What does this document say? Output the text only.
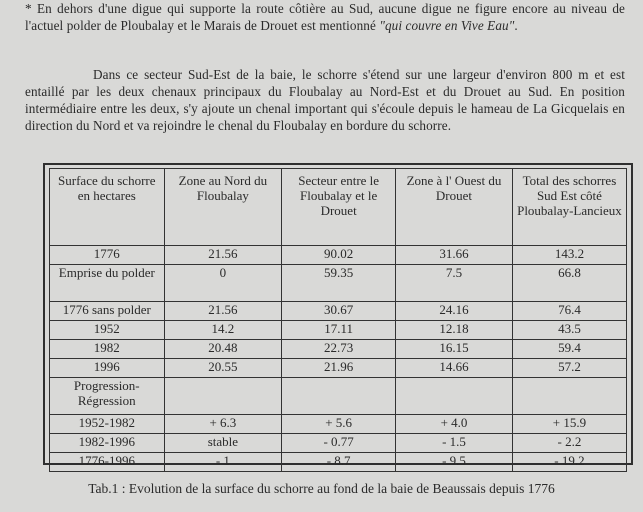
* En dehors d'une digue qui supporte la route côtière au Sud, aucune digue ne figure encore au niveau de l'actuel polder de Ploubalay et le Marais de Drouet est mentionné "qui couvre en Vive Eau".
Dans ce secteur Sud-Est de la baie, le schorre s'étend sur une largeur d'environ 800 m et est entaillé par les deux chenaux principaux du Floubalay au Nord-Est et du Drouet au Sud. En position intermédiaire entre les deux, s'y ajoute un chenal important qui s'écoule depuis le hameau de La Gicquelais en direction du Nord et va rejoindre le chenal du Floubalay en bordure du schorre.
Surface du schorre en hectares	Zone au Nord du Floubalay	Secteur entre le Floubalay et le Drouet	Zone à l' Ouest du Drouet	Total des schorres Sud Est côté Ploubalay-Lancieux
1776	21.56	90.02	31.66	143.2
Emprise du polder	0	59.35	7.5	66.8
1776 sans polder	21.56	30.67	24.16	76.4
1952	14.2	17.11	12.18	43.5
1982	20.48	22.73	16.15	59.4
1996	20.55	21.96	14.66	57.2
Progression-Régression				
1952-1982	+ 6.3	+ 5.6	+ 4.0	+ 15.9
1982-1996	stable	- 0.77	- 1.5	- 2.2
1776-1996	- 1	- 8.7	- 9.5	- 19.2
Tab.1 : Evolution de la surface du schorre au fond de la baie de Beaussais depuis 1776
